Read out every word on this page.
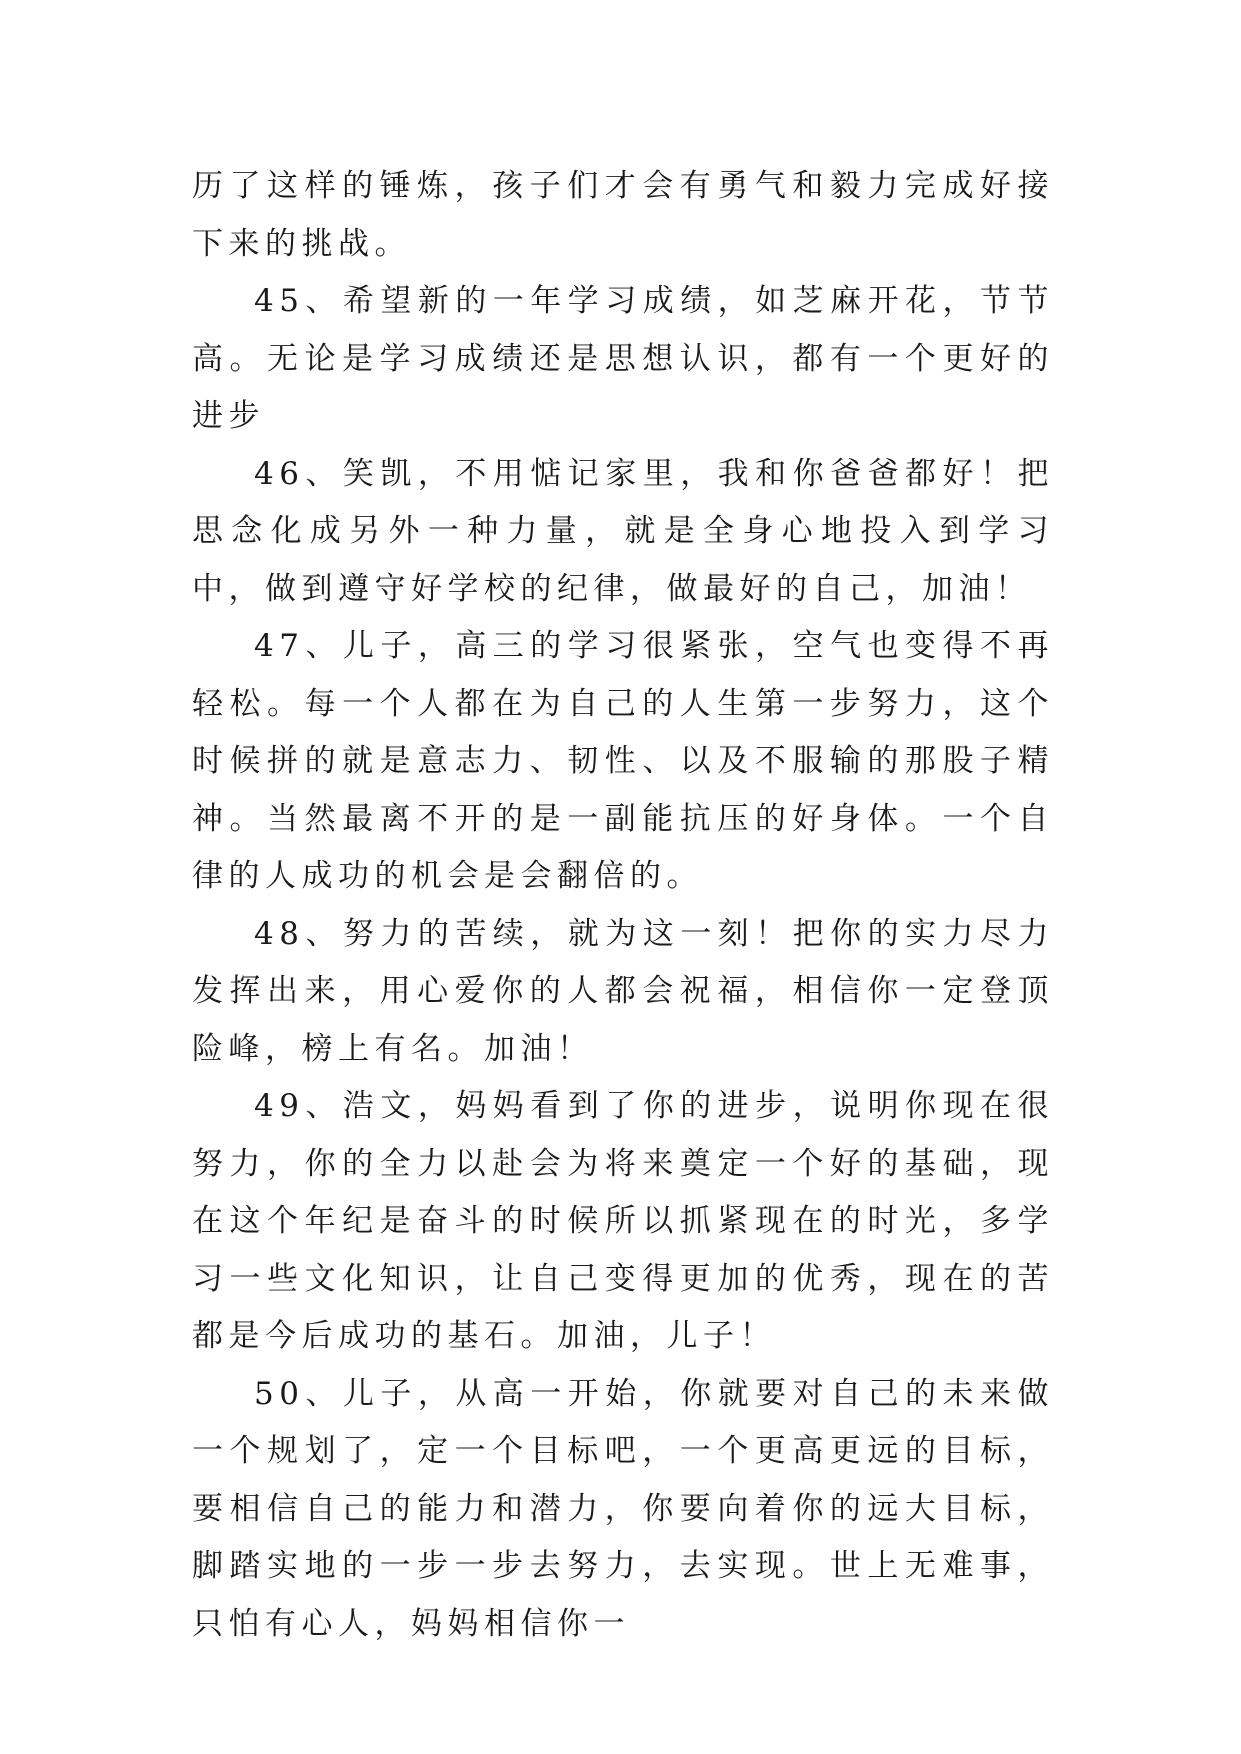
历了这样的锤炼，孩子们才会有勇气和毅力完成好接下来的挑战。

45、希望新的一年学习成绩，如芝麻开花，节节高。无论是学习成绩还是思想认识，都有一个更好的进步

46、笑凯，不用惦记家里，我和你爸爸都好！把思念化成另外一种力量，就是全身心地投入到学习中，做到遵守好学校的纪律，做最好的自己，加油！

47、儿子，高三的学习很紧张，空气也变得不再轻松。每一个人都在为自己的人生第一步努力，这个时候拼的就是意志力、韧性、以及不服输的那股子精神。当然最离不开的是一副能抗压的好身体。一个自律的人成功的机会是会翻倍的。

48、努力的苦续，就为这一刻！把你的实力尽力发挥出来，用心爱你的人都会祝福，相信你一定登顶险峰，榜上有名。加油！

49、浩文，妈妈看到了你的进步，说明你现在很努力，你的全力以赴会为将来奠定一个好的基础，现在这个年纪是奋斗的时候所以抓紧现在的时光，多学习一些文化知识，让自己变得更加的优秀，现在的苦都是今后成功的基石。加油，儿子！

50、儿子，从高一开始，你就要对自己的未来做一个规划了，定一个目标吧，一个更高更远的目标，要相信自己的能力和潜力，你要向着你的远大目标，脚踏实地的一步一步去努力，去实现。世上无难事，只怕有心人，妈妈相信你一
